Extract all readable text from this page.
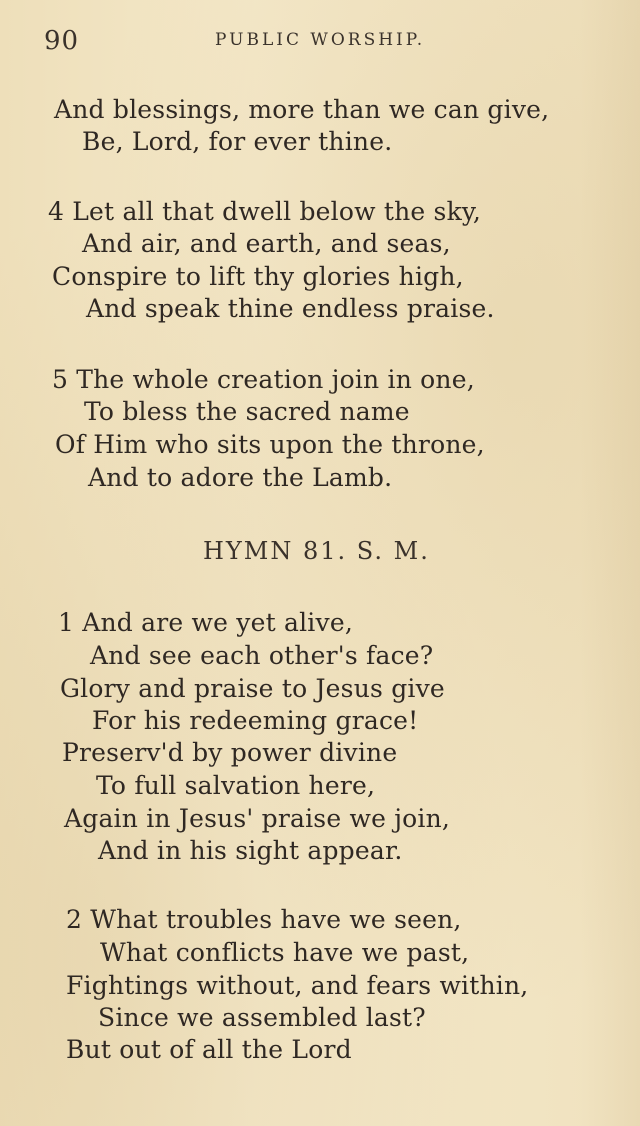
90	PUBLIC WORSHIP.
And blessings, more than we can give,
Be, Lord, for ever thine.
4 Let all that dwell below the sky,
And air, and earth, and seas,
Conspire to lift thy glories high,
And speak thine endless praise.
5 The whole creation join in one,
To bless the sacred name
Of Him who sits upon the throne,
And to adore the Lamb.
HYMN 81. S. M.
1 And are we yet alive,
And see each other's face?
Glory and praise to Jesus give
For his redeeming grace!
Preserv'd by power divine
To full salvation here,
Again in Jesus' praise we join,
And in his sight appear.
2 What troubles have we seen,
What conflicts have we past,
Fightings without, and fears within,
Since we assembled last?
But out of all the Lord
